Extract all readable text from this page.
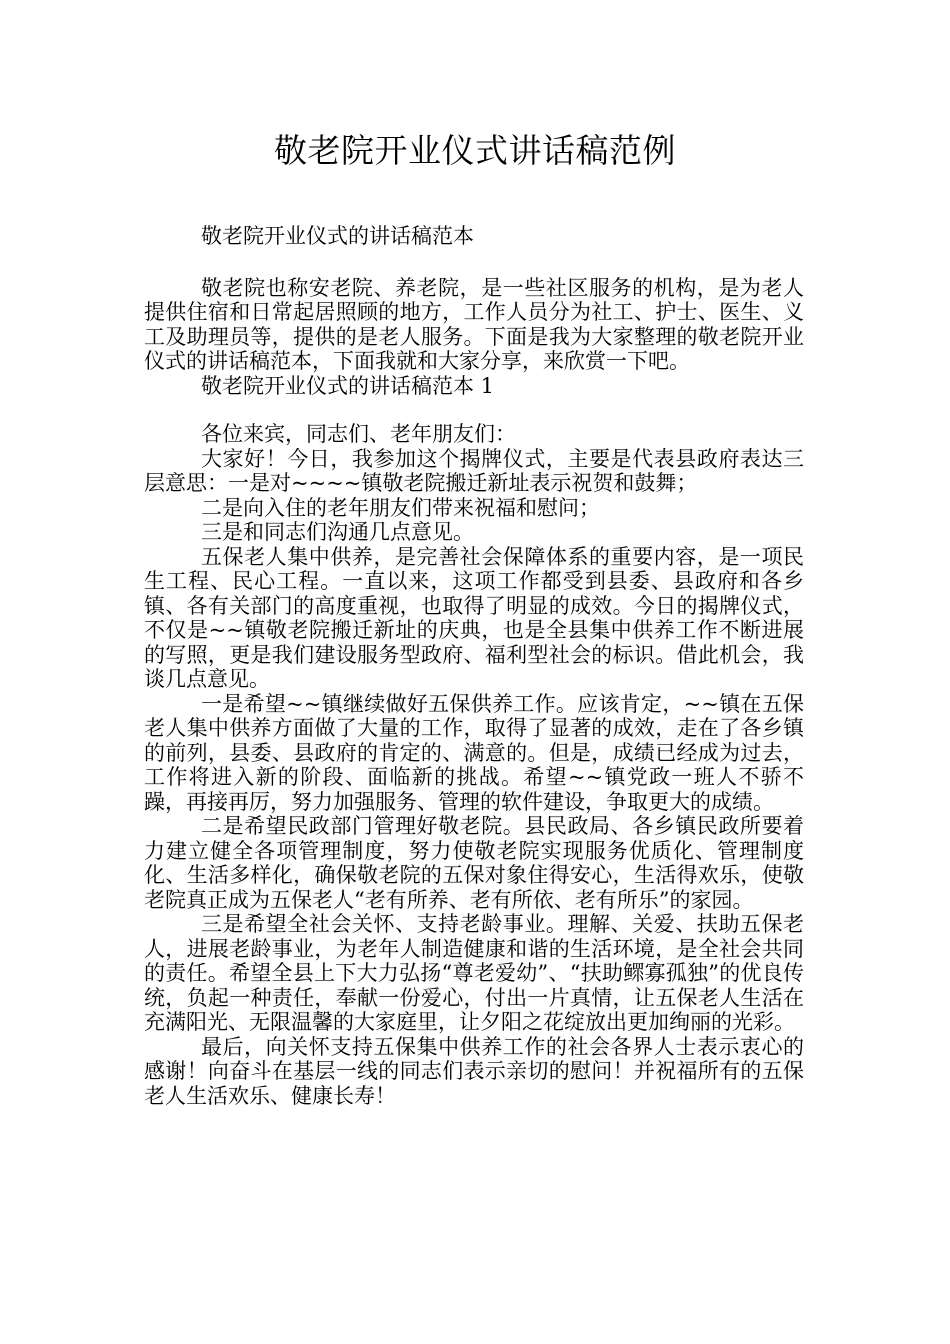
敬老院开业仪式讲话稿范例

敬老院开业仪式的讲话稿范本

敬老院也称安老院、养老院，是一些社区服务的机构，是为老人提供住宿和日常起居照顾的地方，工作人员分为社工、护士、医生、义工及助理员等，提供的是老人服务。下面是我为大家整理的敬老院开业仪式的讲话稿范本，下面我就和大家分享，来欣赏一下吧。

敬老院开业仪式的讲话稿范本 1

各位来宾，同志们、老年朋友们：

大家好！今日，我参加这个揭牌仪式，主要是代表县政府表达三层意思：一是对~~~~镇敬老院搬迁新址表示祝贺和鼓舞；

二是向入住的老年朋友们带来祝福和慰问；

三是和同志们沟通几点意见。

五保老人集中供养，是完善社会保障体系的重要内容，是一项民生工程、民心工程。一直以来，这项工作都受到县委、县政府和各乡镇、各有关部门的高度重视，也取得了明显的成效。今日的揭牌仪式，不仅是~~镇敬老院搬迁新址的庆典，也是全县集中供养工作不断进展的写照，更是我们建设服务型政府、福利型社会的标识。借此机会，我谈几点意见。

一是希望~~镇继续做好五保供养工作。应该肯定，~~镇在五保老人集中供养方面做了大量的工作，取得了显著的成效，走在了各乡镇的前列，县委、县政府的肯定的、满意的。但是，成绩已经成为过去，工作将进入新的阶段、面临新的挑战。希望~~镇党政一班人不骄不躁，再接再厉，努力加强服务、管理的软件建设，争取更大的成绩。

二是希望民政部门管理好敬老院。县民政局、各乡镇民政所要着力建立健全各项管理制度，努力使敬老院实现服务优质化、管理制度化、生活多样化，确保敬老院的五保对象住得安心，生活得欢乐，使敬老院真正成为五保老人“老有所养、老有所依、老有所乐”的家园。

三是希望全社会关怀、支持老龄事业。理解、关爱、扶助五保老人，进展老龄事业，为老年人制造健康和谐的生活环境，是全社会共同的责任。希望全县上下大力弘扬“尊老爱幼”、“扶助鳏寡孤独”的优良传统，负起一种责任，奉献一份爱心，付出一片真情，让五保老人生活在充满阳光、无限温馨的大家庭里，让夕阳之花绽放出更加绚丽的光彩。

最后，向关怀支持五保集中供养工作的社会各界人士表示衷心的感谢！向奋斗在基层一线的同志们表示亲切的慰问！并祝福所有的五保老人生活欢乐、健康长寿！
